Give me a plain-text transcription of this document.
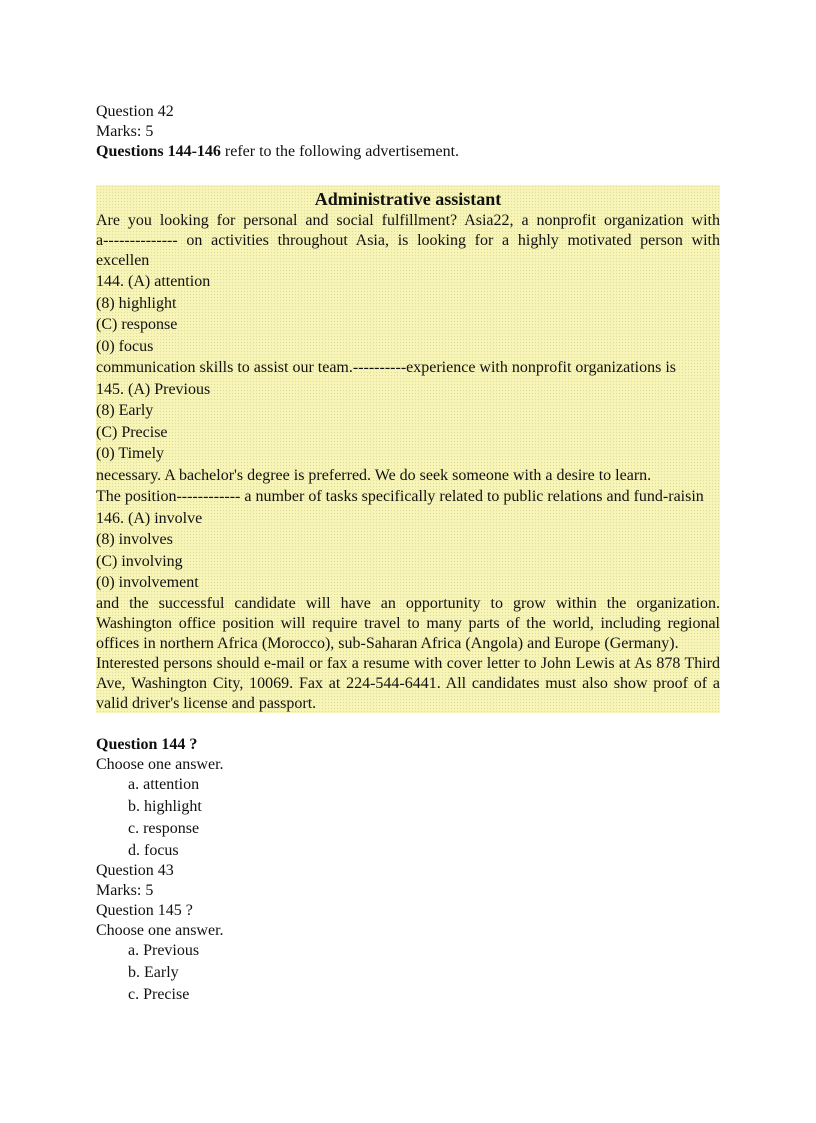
Question 42
Marks: 5
Questions 144-146 refer to the following advertisement.
Administrative assistant
Are you looking for personal and social fulfillment? Asia22, a nonprofit organization with
a-------------- on activities throughout Asia, is looking for a highly motivated person with
excellen
144. (A) attention
(8) highlight
(C) response
(0) focus
communication skills to assist our team.----------experience with nonprofit organizations is
145. (A) Previous
(8) Early
(C) Precise
(0) Timely
necessary. A bachelor's degree is preferred. We do seek someone with a desire to learn.
The position------------ a number of tasks specifically related to public relations and fund-raisin
146. (A) involve
(8) involves
(C) involving
(0) involvement
and the successful candidate will have an opportunity to grow within the organization.
Washington office position will require travel to many parts of the world, including regional
offices in northern Africa (Morocco), sub-Saharan Africa (Angola) and Europe (Germany).
Interested persons should e-mail or fax a resume with cover letter to John Lewis at As 878 Third
Ave, Washington City, 10069. Fax at 224-544-6441. All candidates must also show proof of a
valid driver's license and passport.
Question 144 ?
Choose one answer.
a. attention
b. highlight
c. response
d. focus
Question 43
Marks: 5
Question 145 ?
Choose one answer.
a. Previous
b. Early
c. Precise
